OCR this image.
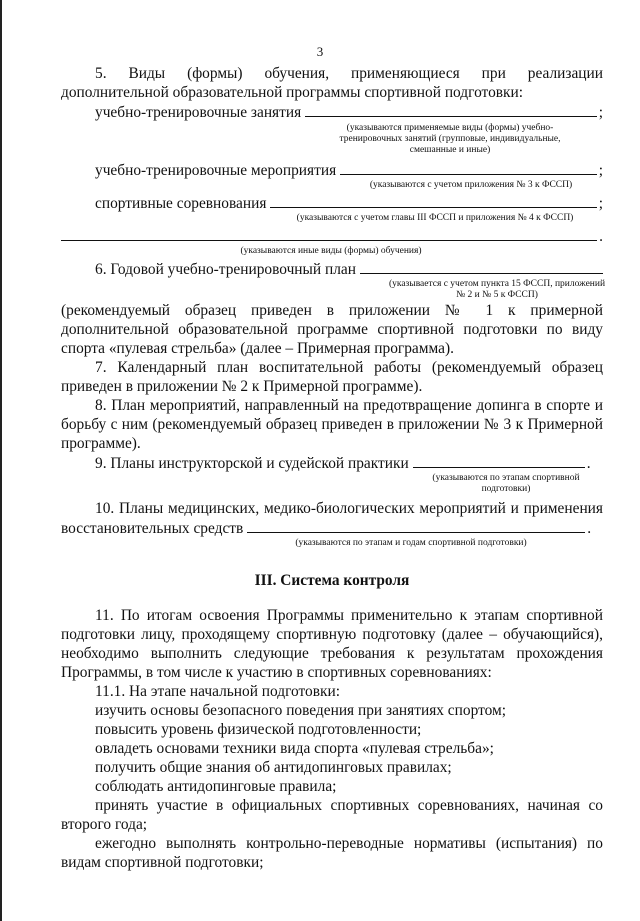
3

5. Виды (формы) обучения, применяющиеся при реализации дополнительной образовательной программы спортивной подготовки:

учебно-тренировочные занятия	;
(указываются применяемые виды (формы) учебно-тренировочных занятий (групповые, индивидуальные, смешанные и иные)
учебно-тренировочные мероприятия	;
(указываются с учетом приложения № 3 к ФССП)
спортивные соревнования	;
(указываются с учетом главы III ФССП и приложения № 4 к ФССП)
.
(указываются иные виды (формы) обучения)
6. Годовой учебно-тренировочный план
(указывается с учетом пункта 15 ФССП, приложений № 2 и № 5 к ФССП)

(рекомендуемый образец приведен в приложении № 1 к примерной дополнительной образовательной программе спортивной подготовки по виду спорта «пулевая стрельба» (далее – Примерная программа).

7. Календарный план воспитательной работы (рекомендуемый образец приведен в приложении № 2 к Примерной программе).

8. План мероприятий, направленный на предотвращение допинга в спорте и борьбу с ним (рекомендуемый образец приведен в приложении № 3 к Примерной программе).

9. Планы инструкторской и судейской практики	.
(указываются по этапам спортивной подготовки)

10. Планы медицинских, медико-биологических мероприятий и применения

восстановительных средств	.
(указываются по этапам и годам спортивной подготовки)

III. Система контроля

11. По итогам освоения Программы применительно к этапам спортивной подготовки лицу, проходящему спортивную подготовку (далее – обучающийся), необходимо выполнить следующие требования к результатам прохождения Программы, в том числе к участию в спортивных соревнованиях:

11.1. На этапе начальной подготовки:

изучить основы безопасного поведения при занятиях спортом;

повысить уровень физической подготовленности;

овладеть основами техники вида спорта «пулевая стрельба»;

получить общие знания об антидопинговых правилах;

соблюдать антидопинговые правила;

принять участие в официальных спортивных соревнованиях, начиная со второго года;

ежегодно выполнять контрольно-переводные нормативы (испытания) по видам спортивной подготовки;
